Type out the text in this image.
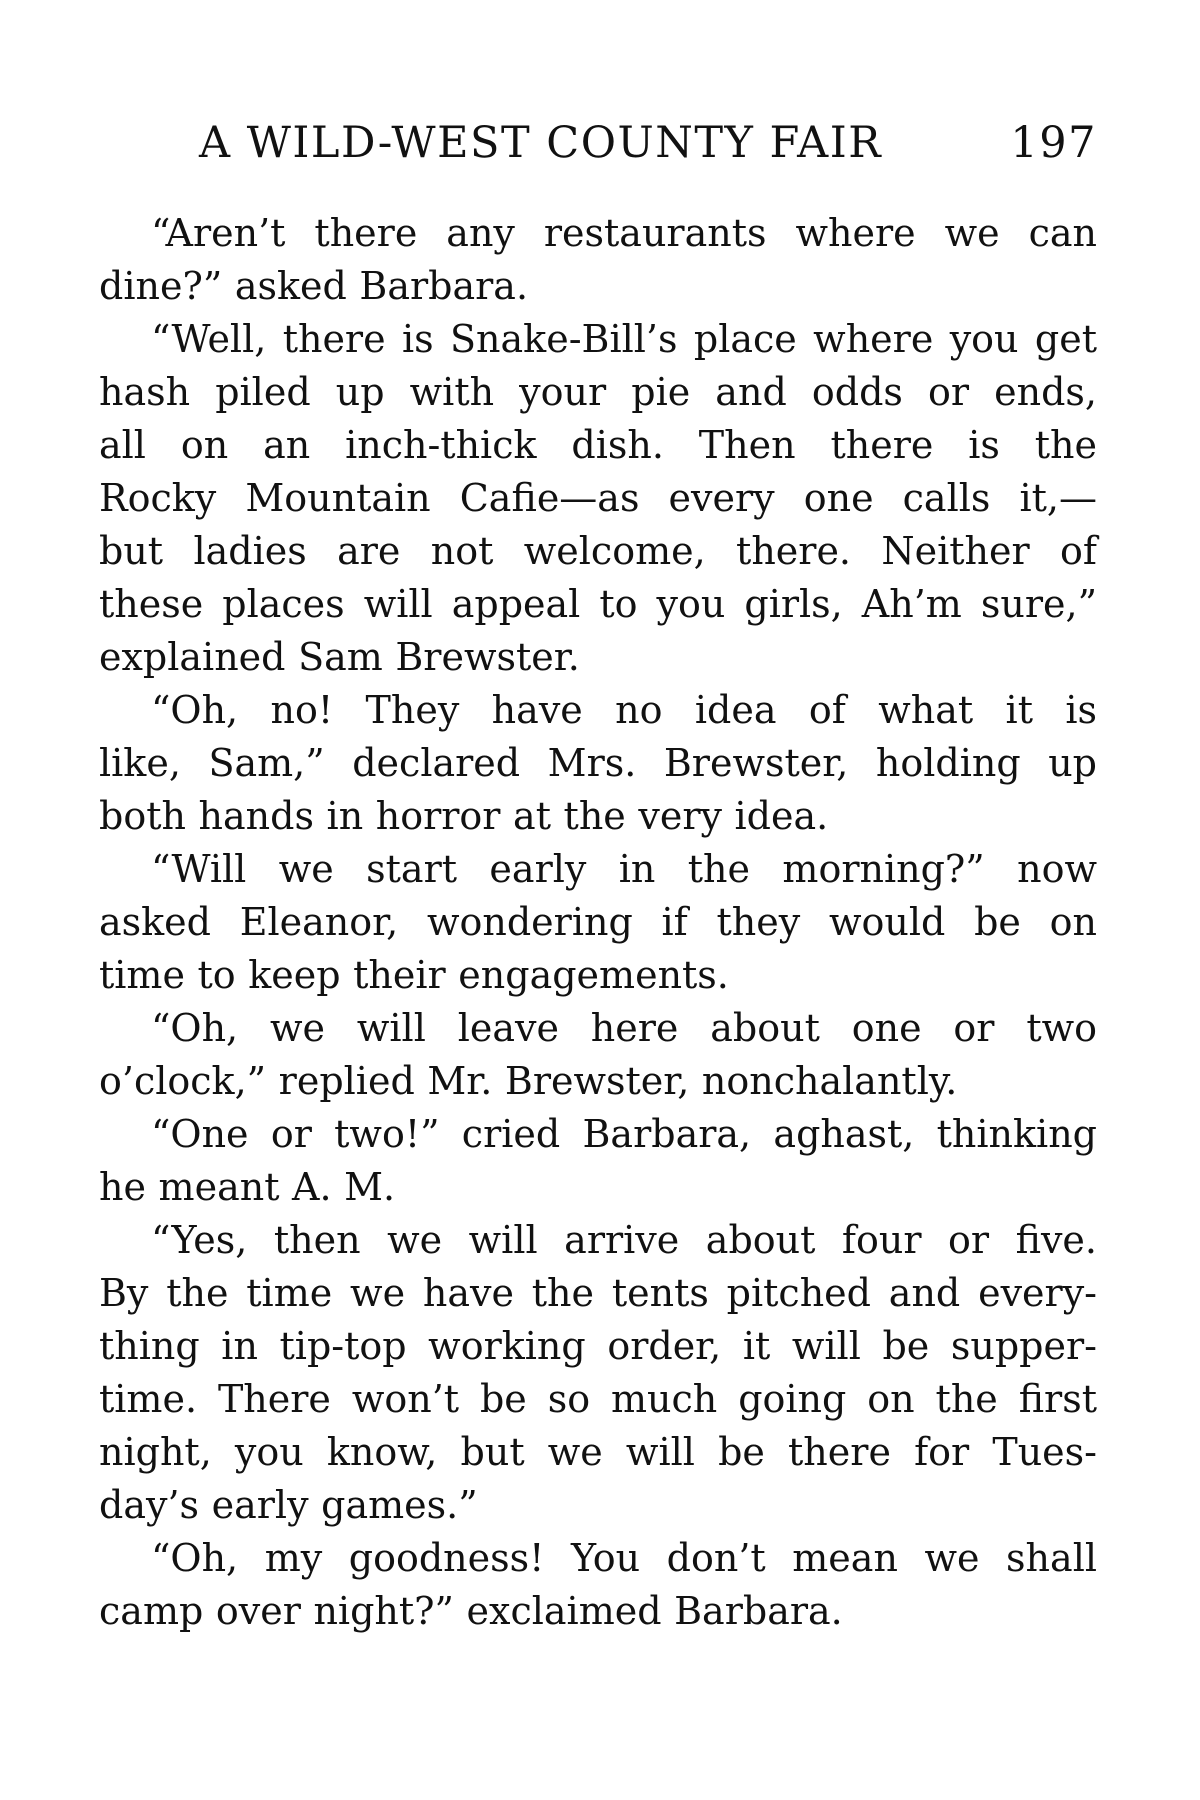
A WILD-WEST COUNTY FAIR	197
“Aren’t there any restaurants where we can
dine?” asked Barbara.
“Well, there is Snake-Bill’s place where you get
hash piled up with your pie and odds or ends,
all on an inch-thick dish. Then there is the
Rocky Mountain Cafie—as every one calls it,—
but ladies are not welcome, there. Neither of
these places will appeal to you girls, Ah’m sure,”
explained Sam Brewster.
“Oh, no! They have no idea of what it is
like, Sam,” declared Mrs. Brewster, holding up
both hands in horror at the very idea.
“Will we start early in the morning?” now
asked Eleanor, wondering if they would be on
time to keep their engagements.
“Oh, we will leave here about one or two
o’clock,” replied Mr. Brewster, nonchalantly.
“One or two!” cried Barbara, aghast, thinking
he meant A. M.
“Yes, then we will arrive about four or five.
By the time we have the tents pitched and every-
thing in tip-top working order, it will be supper-
time. There won’t be so much going on the first
night, you know, but we will be there for Tues-
day’s early games.”
“Oh, my goodness! You don’t mean we shall
camp over night?” exclaimed Barbara.
